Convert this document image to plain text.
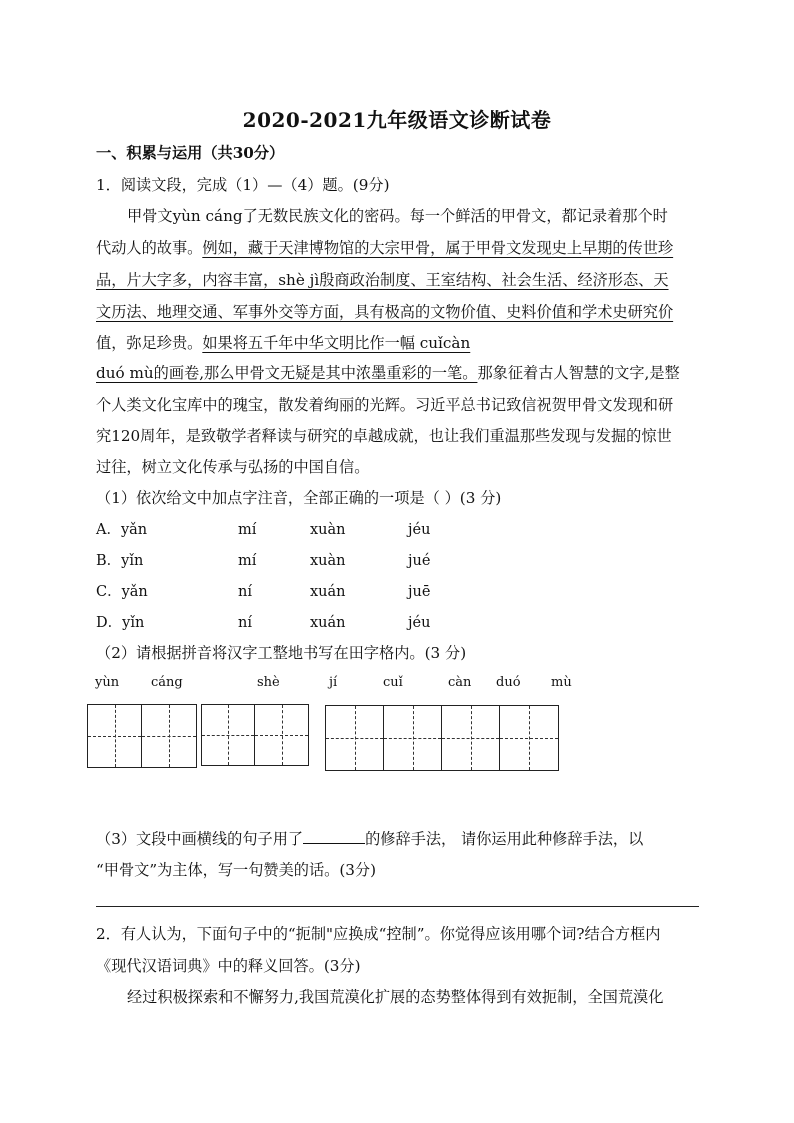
2020-2021九年级语文诊断试卷
一、积累与运用（共30分）
1．阅读文段，完成（1）—（4）题。(9分)
甲骨文yùn cáng了无数民族文化的密码。每一个鲜活的甲骨文，都记录着那个时
代动人的故事。例如，藏于天津博物馆的大宗甲骨，属于甲骨文发现史上早期的传世珍
品，片大字多，内容丰富，shè jì殷商政治制度、王室结构、社会生活、经济形态、天
文历法、地理交通、军事外交等方面，具有极高的文物价值、史料价值和学术史研究价
值，弥足珍贵。如果将五千年中华文明比作一幅 cuǐcàn
duó mù的画卷,那么甲骨文无疑是其中浓墨重彩的一笔。那象征着古人智慧的文字,是整
个人类文化宝库中的瑰宝，散发着绚丽的光辉。习近平总书记致信祝贺甲骨文发现和研
究120周年，是致敬学者释读与研究的卓越成就，也让我们重温那些发现与发掘的惊世
过往，树立文化传承与弘扬的中国自信。
（1）依次给文中加点字注音，全部正确的一项是（ ）(3 分)
A．yǎn	mí	xuàn	jéu
B．yǐn	mí	xuàn	jué
C．yǎn	ní	xuán	juē
D．yǐn	ní	xuán	jéu
（2）请根据拼音将汉字工整地书写在田字格内。(3 分)
yùn cáng	shè	jí	cuǐ	càn duó mù
（3）文段中画横线的句子用了	的修辞手法， 请你运用此种修辞手法，以
“甲骨文”为主体，写一句赞美的话。(3分)
2．有人认为，下面句子中的“扼制"应换成“控制”。你觉得应该用哪个词?结合方框内
《现代汉语词典》中的释义回答。(3分)
经过积极探索和不懈努力,我国荒漠化扩展的态势整体得到有效扼制，全国荒漠化
